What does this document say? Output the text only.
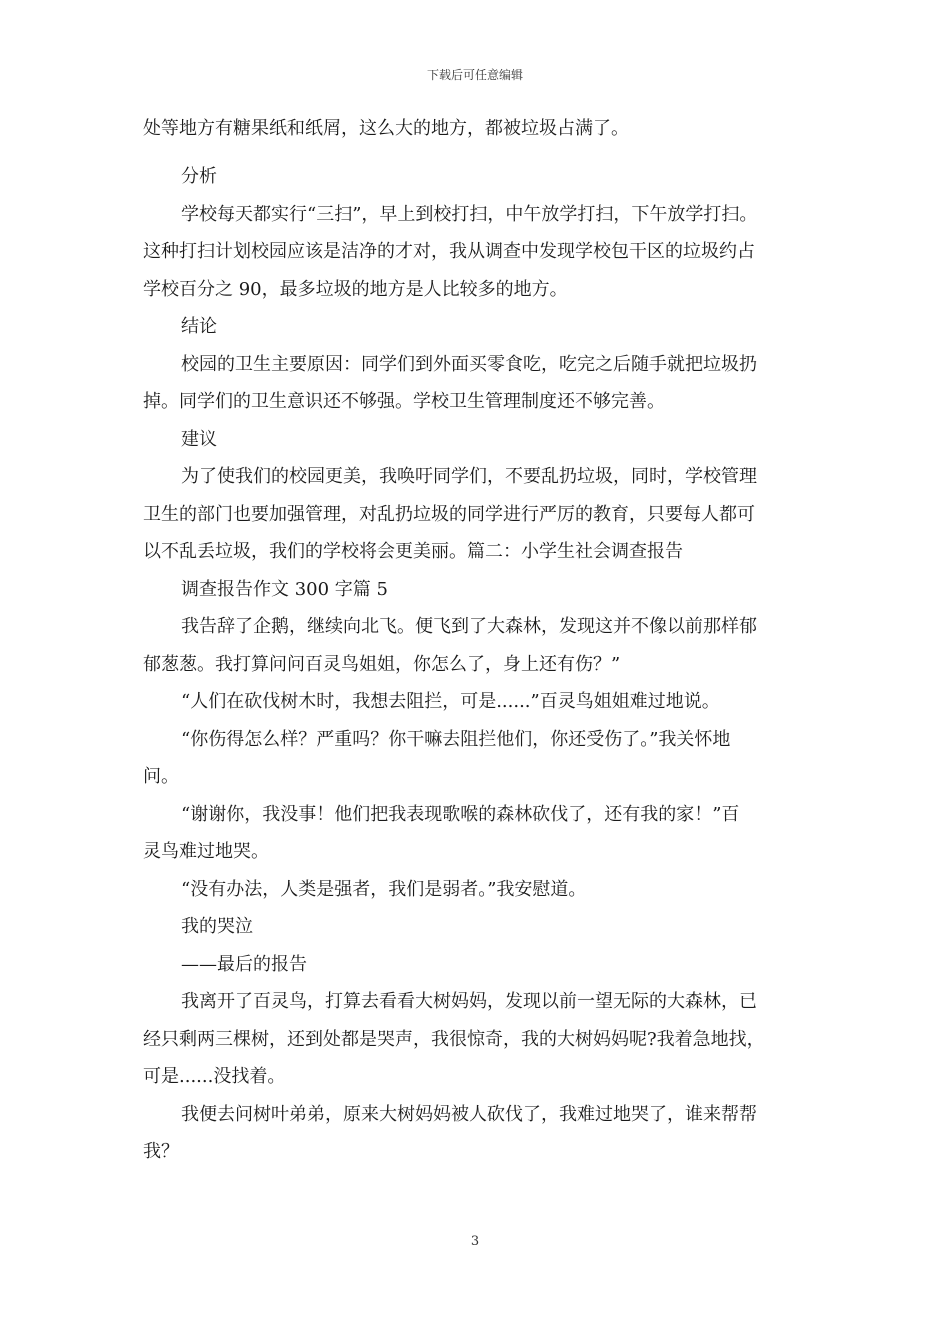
下载后可任意编辑
处等地方有糖果纸和纸屑，这么大的地方，都被垃圾占满了。
分析
学校每天都实行“三扫”，早上到校打扫，中午放学打扫，下午放学打扫。
这种打扫计划校园应该是洁净的才对，我从调查中发现学校包干区的垃圾约占
学校百分之 90，最多垃圾的地方是人比较多的地方。
结论
校园的卫生主要原因：同学们到外面买零食吃，吃完之后随手就把垃圾扔
掉。同学们的卫生意识还不够强。学校卫生管理制度还不够完善。
建议
为了使我们的校园更美，我唤吁同学们，不要乱扔垃圾，同时，学校管理
卫生的部门也要加强管理，对乱扔垃圾的同学进行严厉的教育，只要每人都可
以不乱丢垃圾，我们的学校将会更美丽。篇二：小学生社会调查报告
调查报告作文 300 字篇 5
我告辞了企鹅，继续向北飞。便飞到了大森林，发现这并不像以前那样郁
郁葱葱。我打算问问百灵鸟姐姐，你怎么了，身上还有伤？”
“人们在砍伐树木时，我想去阻拦，可是......”百灵鸟姐姐难过地说。
“你伤得怎么样？严重吗？你干嘛去阻拦他们，你还受伤了。”我关怀地
问。
“谢谢你，我没事！他们把我表现歌喉的森林砍伐了，还有我的家！”百
灵鸟难过地哭。
“没有办法，人类是强者，我们是弱者。”我安慰道。
我的哭泣
——最后的报告
我离开了百灵鸟，打算去看看大树妈妈，发现以前一望无际的大森林，已
经只剩两三棵树，还到处都是哭声，我很惊奇，我的大树妈妈呢?我着急地找，
可是......没找着。
我便去问树叶弟弟，原来大树妈妈被人砍伐了，我难过地哭了，谁来帮帮
我？
3
